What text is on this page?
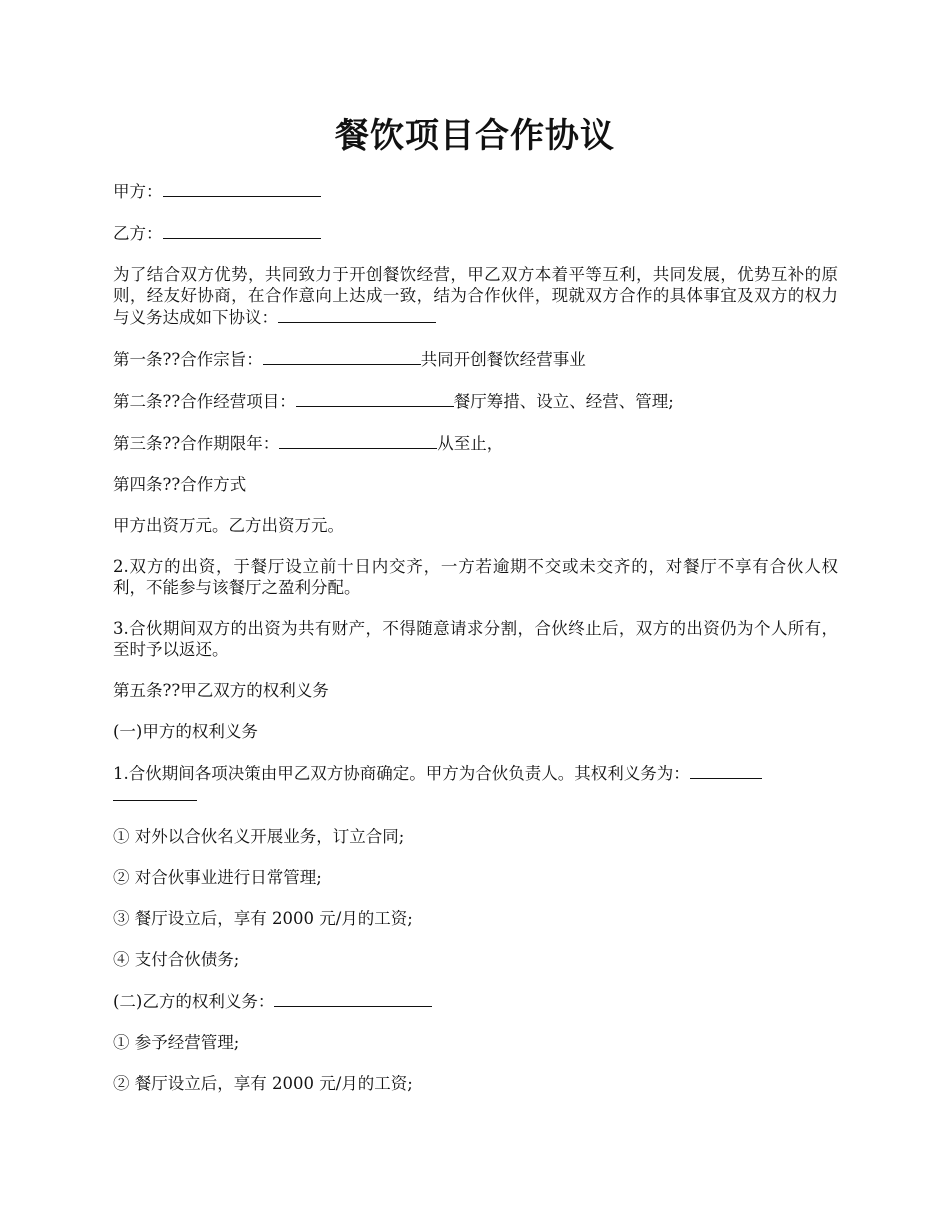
餐饮项目合作协议

甲方：

乙方：

为了结合双方优势，共同致力于开创餐饮经营，甲乙双方本着平等互利，共同发展，优势互补的原则，经友好协商，在合作意向上达成一致，结为合作伙伴，现就双方合作的具体事宜及双方的权力与义务达成如下协议：

第一条??合作宗旨：	共同开创餐饮经营事业

第二条??合作经营项目：	餐厅筹措、设立、经营、管理;

第三条??合作期限年：	从至止，

第四条??合作方式

甲方出资万元。乙方出资万元。

2.双方的出资，于餐厅设立前十日内交齐，一方若逾期不交或未交齐的，对餐厅不享有合伙人权利，不能参与该餐厅之盈利分配。

3.合伙期间双方的出资为共有财产，不得随意请求分割，合伙终止后，双方的出资仍为个人所有，至时予以返还。

第五条??甲乙双方的权利义务

(一)甲方的权利义务

1.合伙期间各项决策由甲乙双方协商确定。甲方为合伙负责人。其权利义务为：

① 对外以合伙名义开展业务，订立合同;

② 对合伙事业进行日常管理;

③ 餐厅设立后，享有 2000 元/月的工资;

④ 支付合伙债务;

(二)乙方的权利义务：

① 参予经营管理;

② 餐厅设立后，享有 2000 元/月的工资;
